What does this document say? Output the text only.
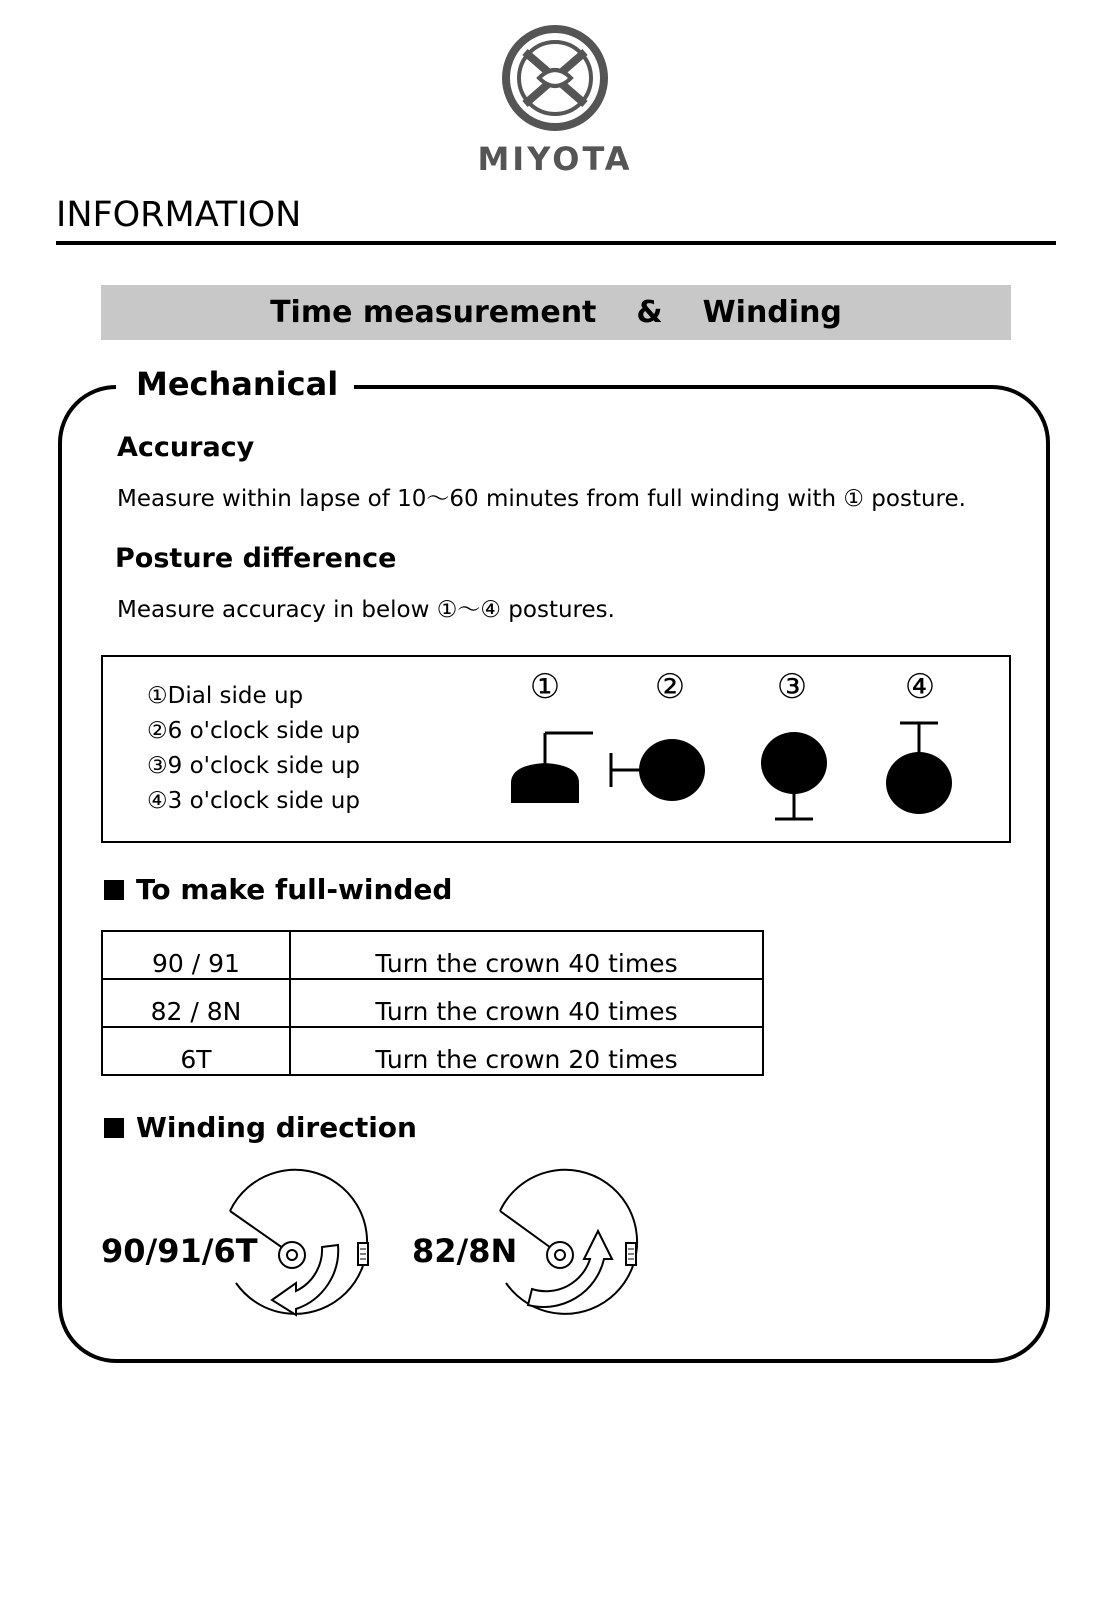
MIYOTA
INFORMATION
Time measurement & Winding
Mechanical
Accuracy
Measure within lapse of 10～60 minutes from full winding with ① posture.
Posture difference
Measure accuracy in below ①～④ postures.
①Dial side up
②6 o'clock side up
③9 o'clock side up
④3 o'clock side up
①	②	③	④
To make full-winded
90 / 91	Turn the crown 40 times
82 / 8N	Turn the crown 40 times
6T	Turn the crown 20 times
Winding direction
90/91/6T	82/8N
